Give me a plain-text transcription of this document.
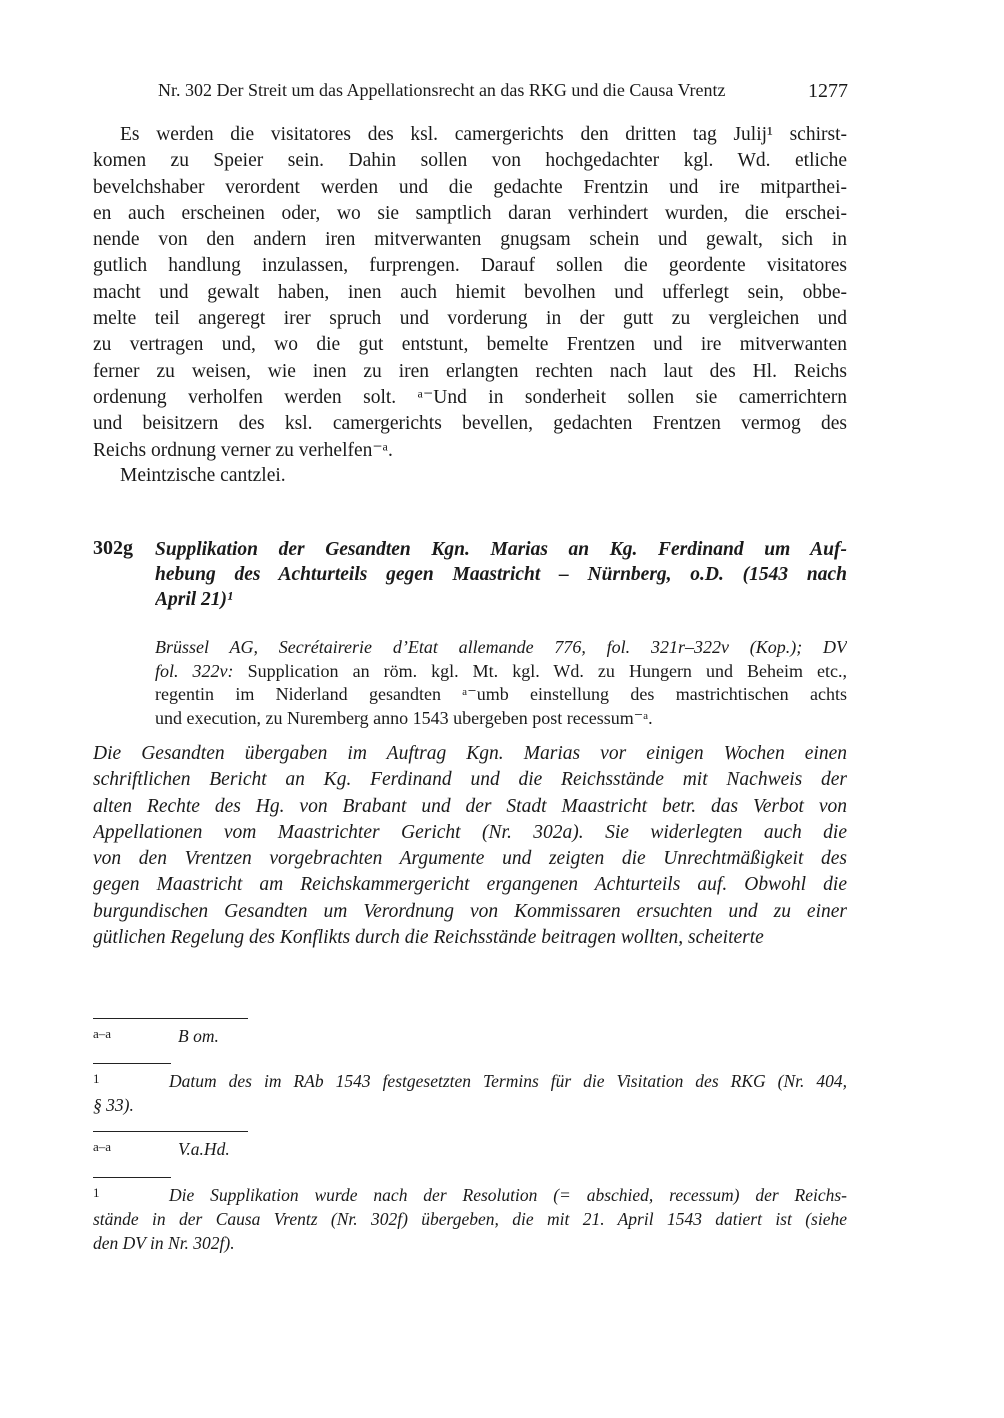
Nr. 302 Der Streit um das Appellationsrecht an das RKG und die Causa Vrentz	1277
Es werden die visitatores des ksl. camergerichts den dritten tag Julij¹ schirst-
komen zu Speier sein. Dahin sollen von hochgedachter kgl. Wd. etliche
bevelchshaber verordent werden und die gedachte Frentzin und ire mitparthei-
en auch erscheinen oder, wo sie samptlich daran verhindert wurden, die erschei-
nende von den andern iren mitverwanten gnugsam schein und gewalt, sich in
gutlich handlung inzulassen, furprengen. Darauf sollen die geordente visitatores
macht und gewalt haben, inen auch hiemit bevolhen und ufferlegt sein, obbe-
melte teil angeregt irer spruch und vorderung in der gutt zu vergleichen und
zu vertragen und, wo die gut entstunt, bemelte Frentzen und ire mitverwanten
ferner zu weisen, wie inen zu iren erlangten rechten nach laut des Hl. Reichs
ordenung verholfen werden solt. ᵃ⁻Und in sonderheit sollen sie camerrichtern
und beisitzern des ksl. camergerichts bevellen, gedachten Frentzen vermog des
Reichs ordnung verner zu verhelfen⁻ᵃ.
Meintzische cantzlei.
302g Supplikation der Gesandten Kgn. Marias an Kg. Ferdinand um Auf-
hebung des Achturteils gegen Maastricht – Nürnberg, o.D. (1543 nach
April 21)¹
Brüssel AG, Secrétairerie d’Etat allemande 776, fol. 321r–322v (Kop.); DV
fol. 322v: Supplication an röm. kgl. Mt. kgl. Wd. zu Hungern und Beheim etc.,
regentin im Niderland gesandten ᵃ⁻umb einstellung des mastrichtischen achts
und execution, zu Nuremberg anno 1543 ubergeben post recessum⁻ᵃ.
Die Gesandten übergaben im Auftrag Kgn. Marias vor einigen Wochen einen
schriftlichen Bericht an Kg. Ferdinand und die Reichsstände mit Nachweis der
alten Rechte des Hg. von Brabant und der Stadt Maastricht betr. das Verbot von
Appellationen vom Maastrichter Gericht (Nr. 302a). Sie widerlegten auch die
von den Vrentzen vorgebrachten Argumente und zeigten die Unrechtmäßigkeit des
gegen Maastricht am Reichskammergericht ergangenen Achturteils auf. Obwohl die
burgundischen Gesandten um Verordnung von Kommissaren ersuchten und zu einer
gütlichen Regelung des Konflikts durch die Reichsstände beitragen wollten, scheiterte
a–a	B om.
1	Datum des im RAb 1543 festgesetzten Termins für die Visitation des RKG (Nr. 404,
§ 33).
a–a	V.a.Hd.
1	Die Supplikation wurde nach der Resolution (= abschied, recessum) der Reichs-
stände in der Causa Vrentz (Nr. 302f) übergeben, die mit 21. April 1543 datiert ist (siehe
den DV in Nr. 302f).
